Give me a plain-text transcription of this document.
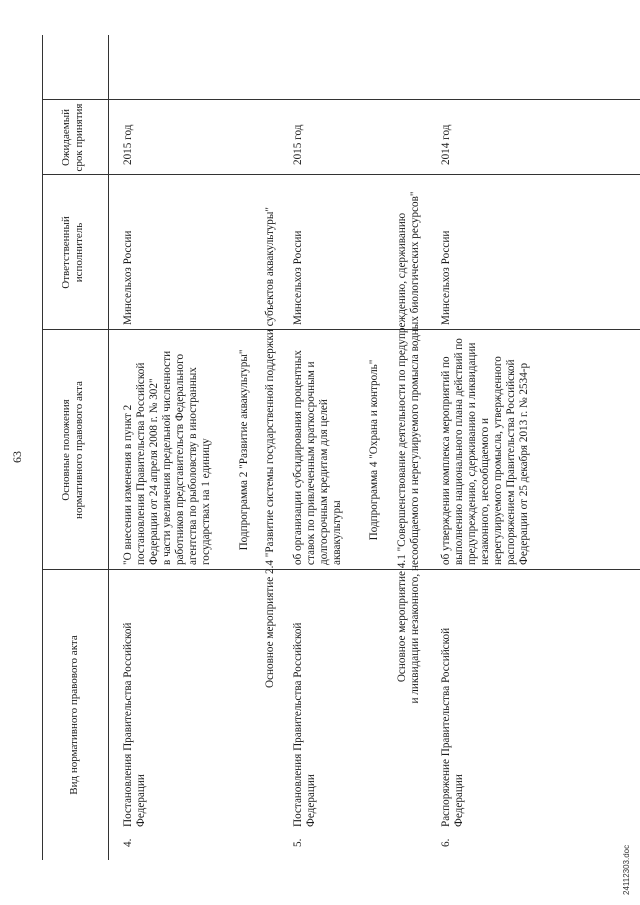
63
Вид нормативного правового акта
Основные положения
нормативного правового акта
Ответственный
исполнитель
Ожидаемый
срок принятия
4.
Постановления Правительства Российской
Федерации
"О внесении изменения в пункт 2
постановления Правительства Российской
Федерации от 24 апреля 2008 г. № 302"
в части увеличения предельной численности
работников представительств Федерального
агентства по рыболовству в иностранных
государствах на 1 единицу
Минсельхоз России
2015 год
Подпрограмма 2 "Развитие аквакультуры" Основное мероприятие 2.4 "Развитие системы государственной поддержки субъектов аквакультуры"
5.
Постановления Правительства Российской
Федерации
об организации субсидирования процентных
ставок по привлеченным краткосрочным и
долгосрочным кредитам для целей
аквакультуры
Минсельхоз России
2015 год
Подпрограмма 4 "Охрана и контроль"
Основное мероприятие 4.1 "Совершенствование деятельности по предупреждению, сдерживанию
и ликвидации незаконного, несообщаемого и нерегулируемого промысла водных биологических ресурсов"
6.
Распоряжение Правительства Российской
Федерации
об утверждении комплекса мероприятий по
выполнению национального плана действий по
предупреждению, сдерживанию и ликвидации
незаконного, несообщаемого и
нерегулируемого промысла, утвержденного
распоряжением Правительства Российской
Федерации от 25 декабря 2013 г. № 2534-р
Минсельхоз России
2014 год
24112303.doc
